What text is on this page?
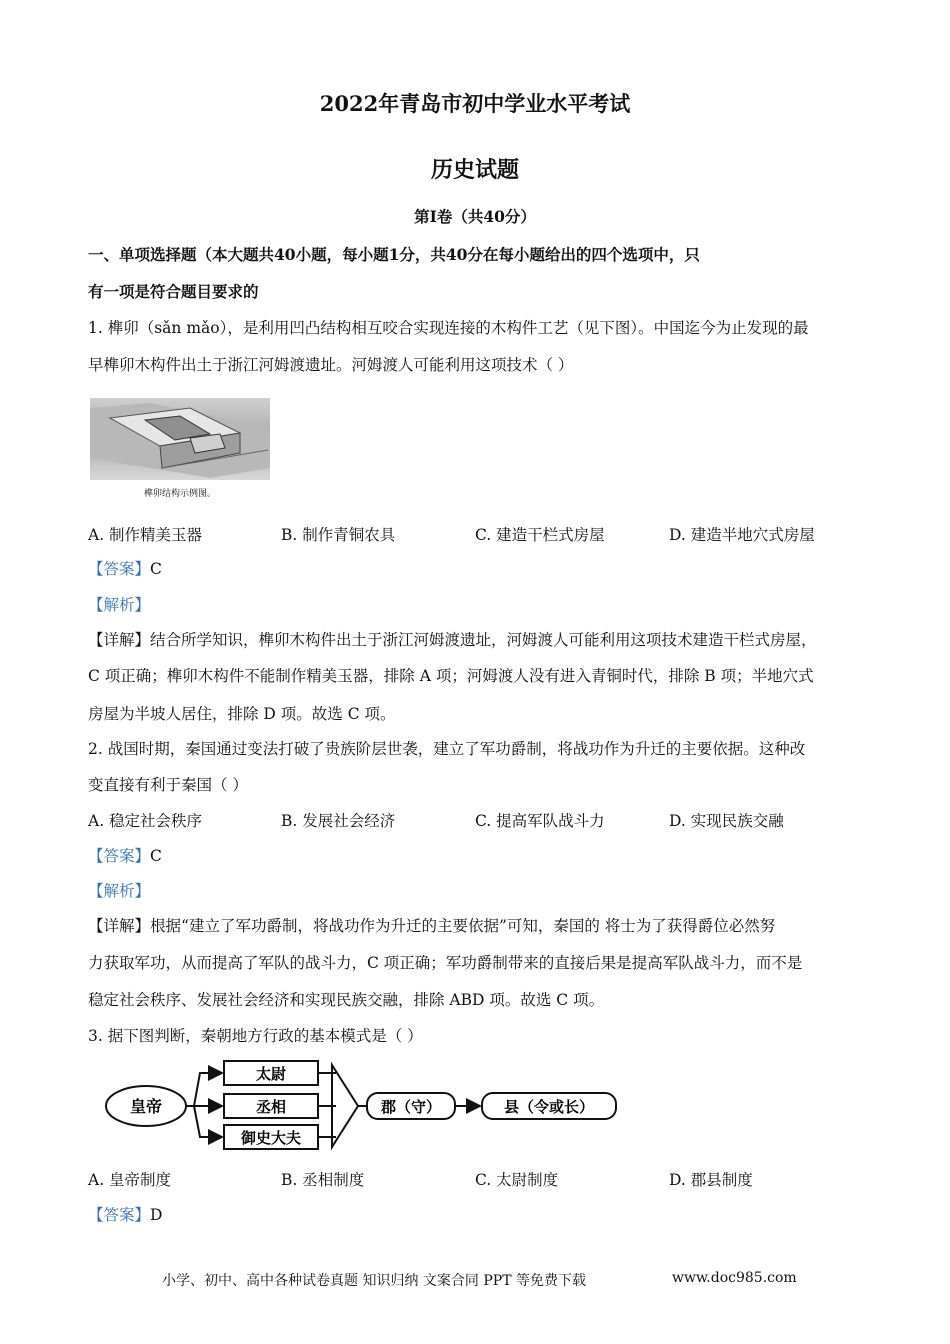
2022年青岛市初中学业水平考试
历史试题
第Ⅰ卷（共40分）
一、单项选择题（本大题共40小题，每小题1分，共40分在每小题给出的四个选项中，只
有一项是符合题目要求的
1. 榫卯（sǎn mǎo），是利用凹凸结构相互咬合实现连接的木构件工艺（见下图）。中国迄今为止发现的最
早榫卯木构件出土于浙江河姆渡遗址。河姆渡人可能利用这项技术（ ）
榫卯结构示例图。
A. 制作精美玉器	B. 制作青铜农具	C. 建造干栏式房屋	D. 建造半地穴式房屋
【答案】C
【解析】
【详解】结合所学知识，榫卯木构件出土于浙江河姆渡遗址，河姆渡人可能利用这项技术建造干栏式房屋，
C 项正确；榫卯木构件不能制作精美玉器，排除 A 项；河姆渡人没有进入青铜时代，排除 B 项；半地穴式
房屋为半坡人居住，排除 D 项。故选 C 项。
2. 战国时期，秦国通过变法打破了贵族阶层世袭，建立了军功爵制，将战功作为升迁的主要依据。这种改
变直接有利于秦国（ ）
A. 稳定社会秩序	B. 发展社会经济	C. 提高军队战斗力	D. 实现民族交融
【答案】C
【解析】
【详解】根据“建立了军功爵制，将战功作为升迁的主要依据”可知，秦国的 将士为了获得爵位必然努
力获取军功，从而提高了军队的战斗力，C 项正确；军功爵制带来的直接后果是提高军队战斗力，而不是
稳定社会秩序、发展社会经济和实现民族交融，排除 ABD 项。故选 C 项。
3. 据下图判断，秦朝地方行政的基本模式是（ ）
皇帝
太尉
丞相
御史大夫
郡（守）	县（令或长）
A. 皇帝制度	B. 丞相制度	C. 太尉制度	D. 郡县制度
【答案】D
小学、初中、高中各种试卷真题 知识归纳 文案合同 PPT 等免费下载	www.doc985.com
